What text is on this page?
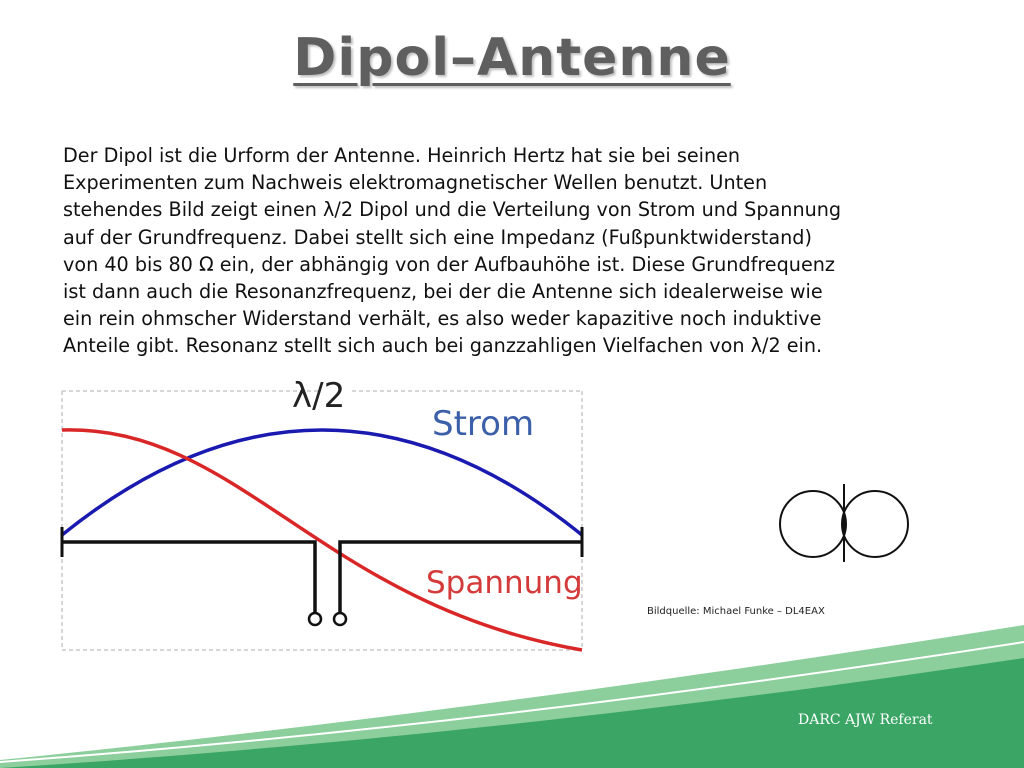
Dipol–Antenne

Der Dipol ist die Urform der Antenne. Heinrich Hertz hat sie bei seinen
Experimenten zum Nachweis elektromagnetischer Wellen benutzt. Unten
stehendes Bild zeigt einen λ/2 Dipol und die Verteilung von Strom und Spannung
auf der Grundfrequenz. Dabei stellt sich eine Impedanz (Fußpunktwiderstand)
von 40 bis 80 Ω ein, der abhängig von der Aufbauhöhe ist. Diese Grundfrequenz
ist dann auch die Resonanzfrequenz, bei der die Antenne sich idealerweise wie
ein rein ohmscher Widerstand verhält, es also weder kapazitive noch induktive
Anteile gibt. Resonanz stellt sich auch bei ganzzahligen Vielfachen von λ/2 ein.

λ/2
Strom
Spannung
Bildquelle: Michael Funke – DL4EAX
DARC AJW Referat
